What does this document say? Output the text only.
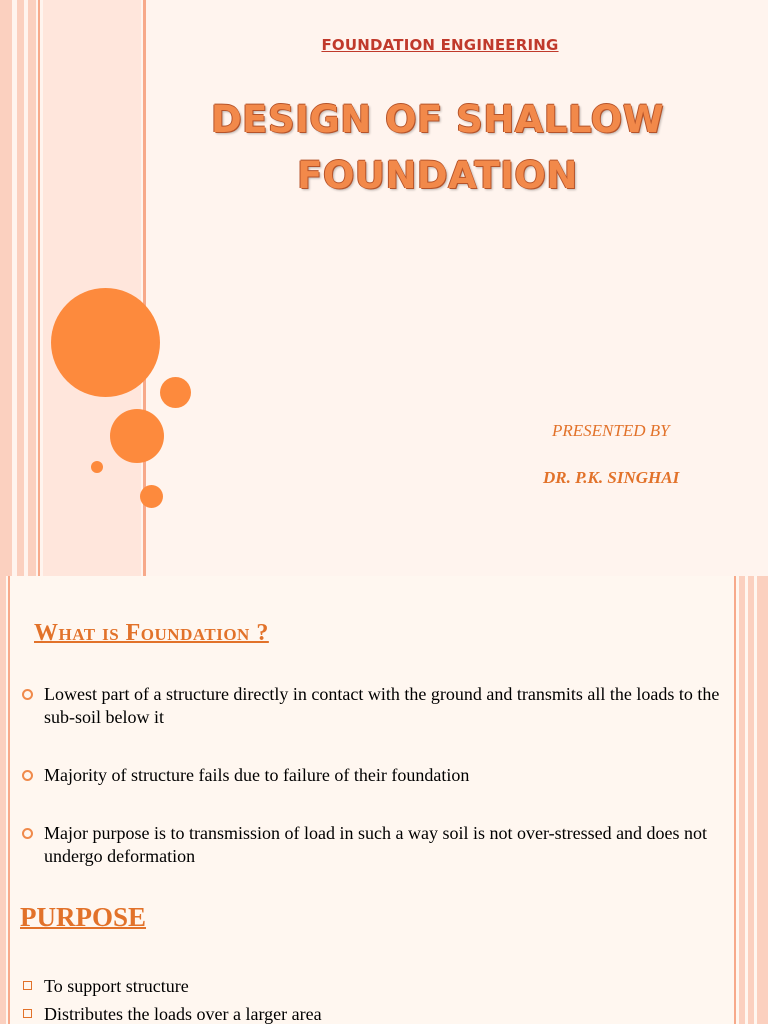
FOUNDATION ENGINEERING
DESIGN OF SHALLOW
FOUNDATION
PRESENTED BY
DR. P.K. SINGHAI
What is Foundation ?
Lowest part of a structure directly in contact with the ground and transmits all the loads to the sub-soil below it
Majority of structure fails due to failure of their foundation
Major purpose is to transmission of load in such a way soil is not over-stressed and does not undergo deformation
PURPOSE
To support structure
Distributes the loads over a larger area
